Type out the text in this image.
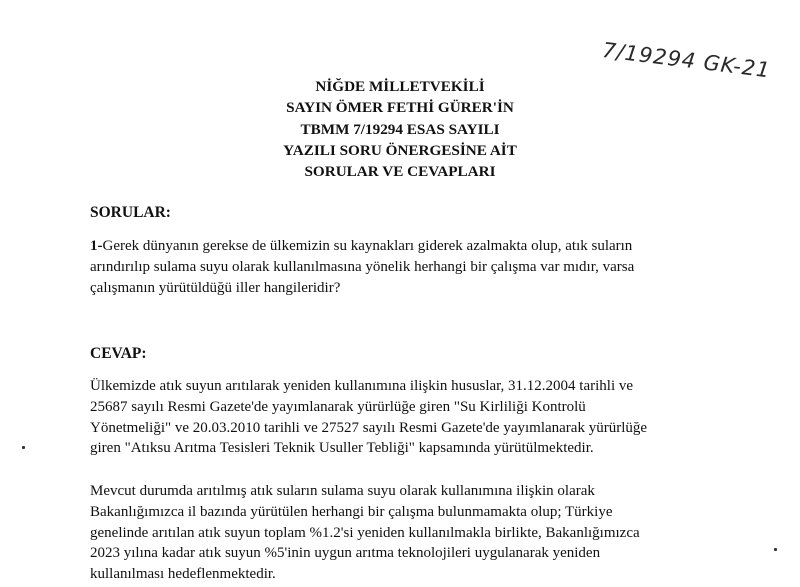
7/19294 GK-21
NİĞDE MİLLETVEKİLİ
SAYIN ÖMER FETHİ GÜRER'İN
TBMM 7/19294 ESAS SAYILI
YAZILI SORU ÖNERGESİNE AİT
SORULAR VE CEVAPLARI
SORULAR:
1-Gerek dünyanın gerekse de ülkemizin su kaynakları giderek azalmakta olup, atık suların
arındırılıp sulama suyu olarak kullanılmasına yönelik herhangi bir çalışma var mıdır, varsa
çalışmanın yürütüldüğü iller hangileridir?
CEVAP:
Ülkemizde atık suyun arıtılarak yeniden kullanımına ilişkin hususlar, 31.12.2004 tarihli ve
25687 sayılı Resmi Gazete'de yayımlanarak yürürlüğe giren "Su Kirliliği Kontrolü
Yönetmeliği" ve 20.03.2010 tarihli ve 27527 sayılı Resmi Gazete'de yayımlanarak yürürlüğe
giren "Atıksu Arıtma Tesisleri Teknik Usuller Tebliği" kapsamında yürütülmektedir.
Mevcut durumda arıtılmış atık suların sulama suyu olarak kullanımına ilişkin olarak
Bakanlığımızca il bazında yürütülen herhangi bir çalışma bulunmamakta olup; Türkiye
genelinde arıtılan atık suyun toplam %1.2'si yeniden kullanılmakla birlikte, Bakanlığımızca
2023 yılına kadar atık suyun %5'inin uygun arıtma teknolojileri uygulanarak yeniden
kullanılması hedeflenmektedir.
